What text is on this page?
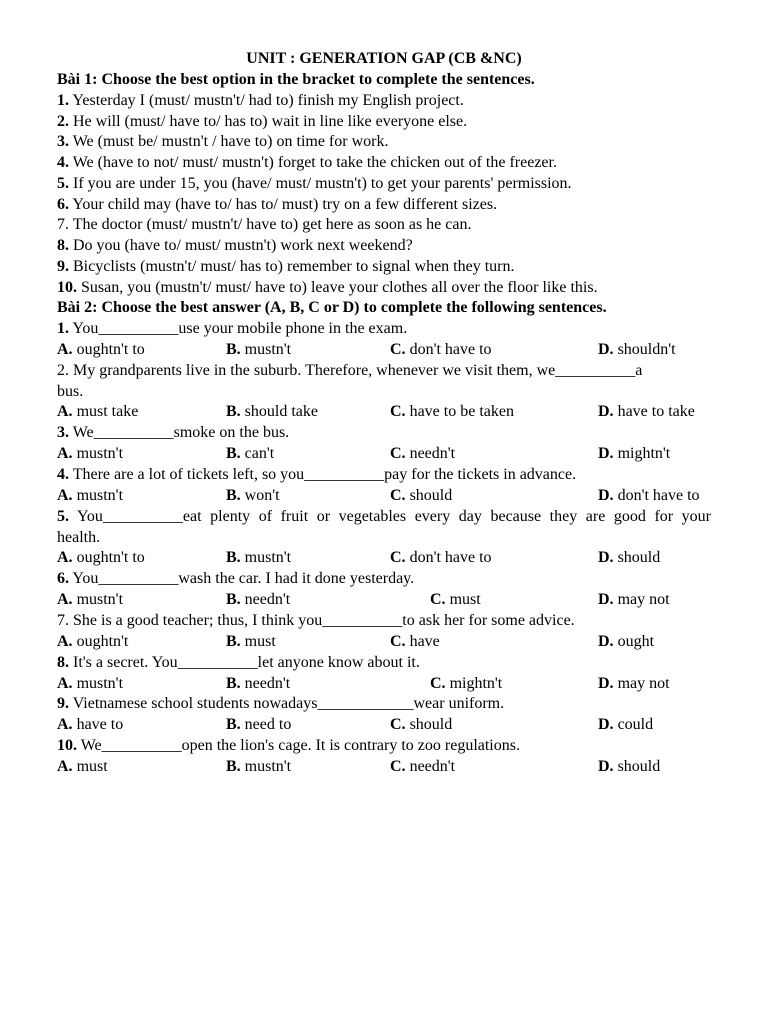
UNIT : GENERATION GAP (CB &NC)
Bài 1: Choose the best option in the bracket to complete the sentences.
1. Yesterday I (must/ mustn't/ had to) finish my English project.
2. He will (must/ have to/ has to) wait in line like everyone else.
3. We (must be/ mustn't / have to) on time for work.
4. We (have to not/ must/ mustn't) forget to take the chicken out of the freezer.
5. If you are under 15, you (have/ must/ mustn't) to get your parents' permission.
6. Your child may (have to/ has to/ must) try on a few different sizes.
7. The doctor (must/ mustn't/ have to) get here as soon as he can.
8. Do you (have to/ must/ mustn't) work next weekend?
9. Bicyclists (mustn't/ must/ has to) remember to signal when they turn.
10. Susan, you (mustn't/ must/ have to) leave your clothes all over the floor like this.
Bài 2: Choose the best answer (A, B, C or D) to complete the following sentences.
1. You__________use your mobile phone in the exam.
A. oughtn't to	B. mustn't	C. don't have to	D. shouldn't
2. My grandparents live in the suburb. Therefore, whenever we visit them, we__________a
bus.
A. must take	B. should take	C. have to be taken	D. have to take
3. We__________smoke on the bus.
A. mustn't	B. can't	C. needn't	D. mightn't
4. There are a lot of tickets left, so you__________pay for the tickets in advance.
A. mustn't	B. won't	C. should	D. don't have to
5. You__________eat plenty of fruit or vegetables every day because they are good for your
health.
A. oughtn't to	B. mustn't	C. don't have to	D. should
6. You__________wash the car. I had it done yesterday.
A. mustn't	B. needn't	C. must	D. may not
7. She is a good teacher; thus, I think you__________to ask her for some advice.
A. oughtn't	B. must	C. have	D. ought
8. It's a secret. You__________let anyone know about it.
A. mustn't	B. needn't	C. mightn't	D. may not
9. Vietnamese school students nowadays____________wear uniform.
A. have to	B. need to	C. should	D. could
10. We__________open the lion's cage. It is contrary to zoo regulations.
A. must	B. mustn't	C. needn't	D. should
